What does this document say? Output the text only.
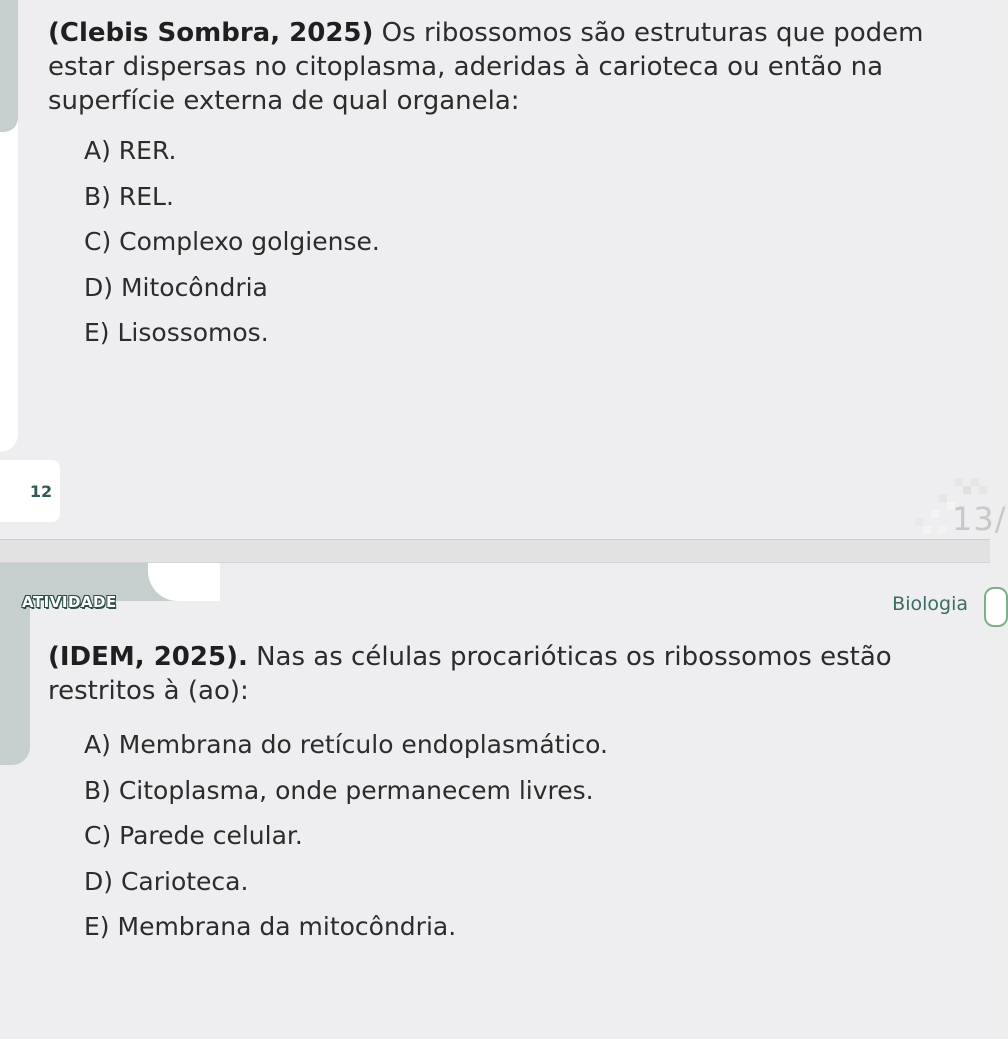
(Clebis Sombra, 2025) Os ribossomos são estruturas que podem estar dispersas no citoplasma, aderidas à carioteca ou então na superfície externa de qual organela:
A) RER.
B) REL.
C) Complexo golgiense.
D) Mitocôndria
E) Lisossomos.
12
13/
ATIVIDADE	Biologia
(IDEM, 2025). Nas as células procarióticas os ribossomos estão restritos à (ao):
A) Membrana do retículo endoplasmático.
B) Citoplasma, onde permanecem livres.
C) Parede celular.
D) Carioteca.
E) Membrana da mitocôndria.
